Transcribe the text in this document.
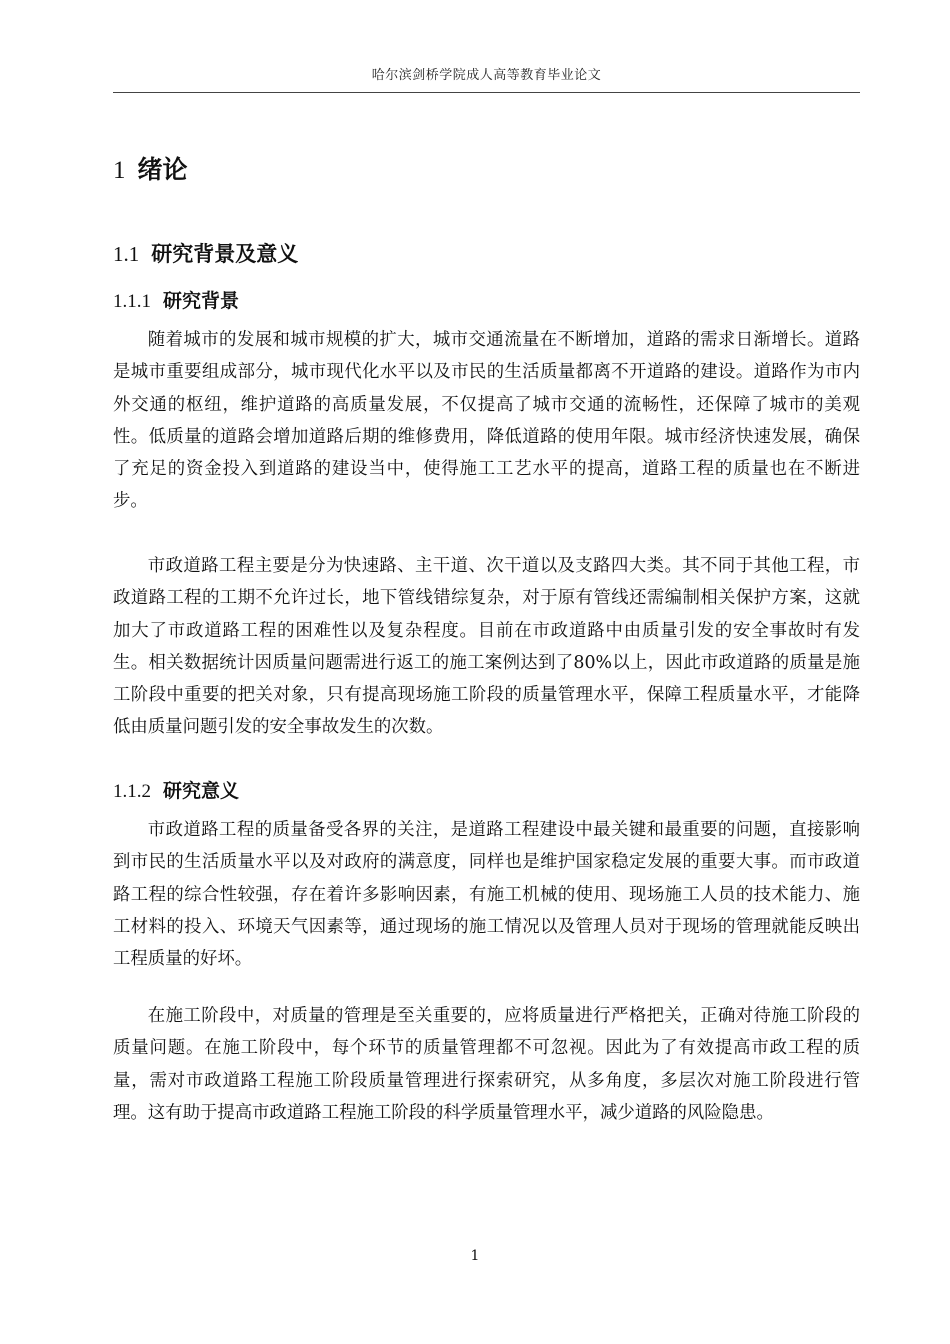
哈尔滨剑桥学院成人高等教育毕业论文
1 绪论
1.1 研究背景及意义
1.1.1 研究背景

随着城市的发展和城市规模的扩大，城市交通流量在不断增加，道路的需求日渐增长。道路是城市重要组成部分，城市现代化水平以及市民的生活质量都离不开道路的建设。道路作为市内外交通的枢纽，维护道路的高质量发展，不仅提高了城市交通的流畅性，还保障了城市的美观性。低质量的道路会增加道路后期的维修费用，降低道路的使用年限。城市经济快速发展，确保了充足的资金投入到道路的建设当中，使得施工工艺水平的提高，道路工程的质量也在不断进步。

市政道路工程主要是分为快速路、主干道、次干道以及支路四大类。其不同于其他工程，市政道路工程的工期不允许过长，地下管线错综复杂，对于原有管线还需编制相关保护方案，这就加大了市政道路工程的困难性以及复杂程度。目前在市政道路中由质量引发的安全事故时有发生。相关数据统计因质量问题需进行返工的施工案例达到了80%以上，因此市政道路的质量是施工阶段中重要的把关对象，只有提高现场施工阶段的质量管理水平，保障工程质量水平，才能降低由质量问题引发的安全事故发生的次数。

1.1.2 研究意义

市政道路工程的质量备受各界的关注，是道路工程建设中最关键和最重要的问题，直接影响到市民的生活质量水平以及对政府的满意度，同样也是维护国家稳定发展的重要大事。而市政道路工程的综合性较强，存在着许多影响因素，有施工机械的使用、现场施工人员的技术能力、施工材料的投入、环境天气因素等，通过现场的施工情况以及管理人员对于现场的管理就能反映出工程质量的好坏。

在施工阶段中，对质量的管理是至关重要的，应将质量进行严格把关，正确对待施工阶段的质量问题。在施工阶段中，每个环节的质量管理都不可忽视。因此为了有效提高市政工程的质量，需对市政道路工程施工阶段质量管理进行探索研究，从多角度，多层次对施工阶段进行管理。这有助于提高市政道路工程施工阶段的科学质量管理水平，减少道路的风险隐患。

1
